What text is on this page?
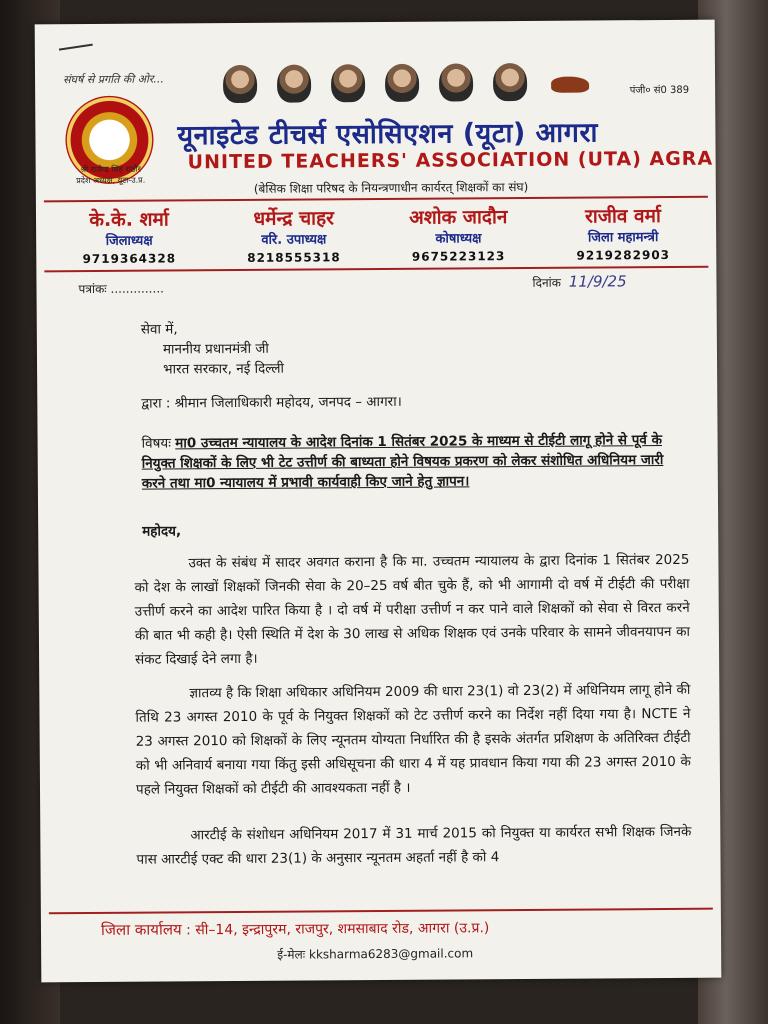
संघर्ष से प्रगति की ओर...
पंजी० सं0 389
श्री राजेन्द्र सिंह राठौर
प्रदेश अध्यक्ष, यूटा-उ.प्र.
यूनाइटेड टीचर्स एसोसिएशन (यूटा) आगरा
UNITED TEACHERS' ASSOCIATION (UTA) AGRA
(बेसिक शिक्षा परिषद के नियन्त्रणाधीन कार्यरत् शिक्षकों का संघ)
के.के. शर्मा
जिलाध्यक्ष
9719364328
धर्मेन्द्र चाहर
वरि. उपाध्यक्ष
8218555318
अशोक जादौन
कोषाध्यक्ष
9675223123
राजीव वर्मा
जिला महामन्त्री
9219282903
पत्रांकः ..............	दिनांक 11/9/25
सेवा में,
माननीय प्रधानमंत्री जी
भारत सरकार, नई दिल्ली
द्वारा : श्रीमान जिलाधिकारी महोदय, जनपद – आगरा।
विषयः मा0 उच्चतम न्यायालय के आदेश दिनांक 1 सितंबर 2025 के माध्यम से टीईटी लागू होने से पूर्व के नियुक्त शिक्षकों के लिए भी टेट उत्तीर्ण की बाध्यता होने विषयक प्रकरण को लेकर संशोधित अधिनियम जारी करने तथा मा0 न्यायालय में प्रभावी कार्यवाही किए जाने हेतु ज्ञापन।
महोदय,
उक्त के संबंध में सादर अवगत कराना है कि मा. उच्चतम न्यायालय के द्वारा दिनांक 1 सितंबर 2025 को देश के लाखों शिक्षकों जिनकी सेवा के 20–25 वर्ष बीत चुके हैं, को भी आगामी दो वर्ष में टीईटी की परीक्षा उत्तीर्ण करने का आदेश पारित किया है । दो वर्ष में परीक्षा उत्तीर्ण न कर पाने वाले शिक्षकों को सेवा से विरत करने की बात भी कही है। ऐसी स्थिति में देश के 30 लाख से अधिक शिक्षक एवं उनके परिवार के सामने जीवनयापन का संकट दिखाई देने लगा है।
ज्ञातव्य है कि शिक्षा अधिकार अधिनियम 2009 की धारा 23(1) वो 23(2) में अधिनियम लागू होने की तिथि 23 अगस्त 2010 के पूर्व के नियुक्त शिक्षकों को टेट उत्तीर्ण करने का निर्देश नहीं दिया गया है। NCTE ने 23 अगस्त 2010 को शिक्षकों के लिए न्यूनतम योग्यता निर्धारित की है इसके अंतर्गत प्रशिक्षण के अतिरिक्त टीईटी को भी अनिवार्य बनाया गया किंतु इसी अधिसूचना की धारा 4 में यह प्रावधान किया गया की 23 अगस्त 2010 के पहले नियुक्त शिक्षकों को टीईटी की आवश्यकता नहीं है ।
आरटीई के संशोधन अधिनियम 2017 में 31 मार्च 2015 को नियुक्त या कार्यरत सभी शिक्षक जिनके पास आरटीई एक्ट की धारा 23(1) के अनुसार न्यूनतम अहर्ता नहीं है को 4
जिला कार्यालय : सी–14, इन्द्रापुरम, राजपुर, शमसाबाद रोड, आगरा (उ.प्र.)
ई-मेलः kksharma6283@gmail.com
